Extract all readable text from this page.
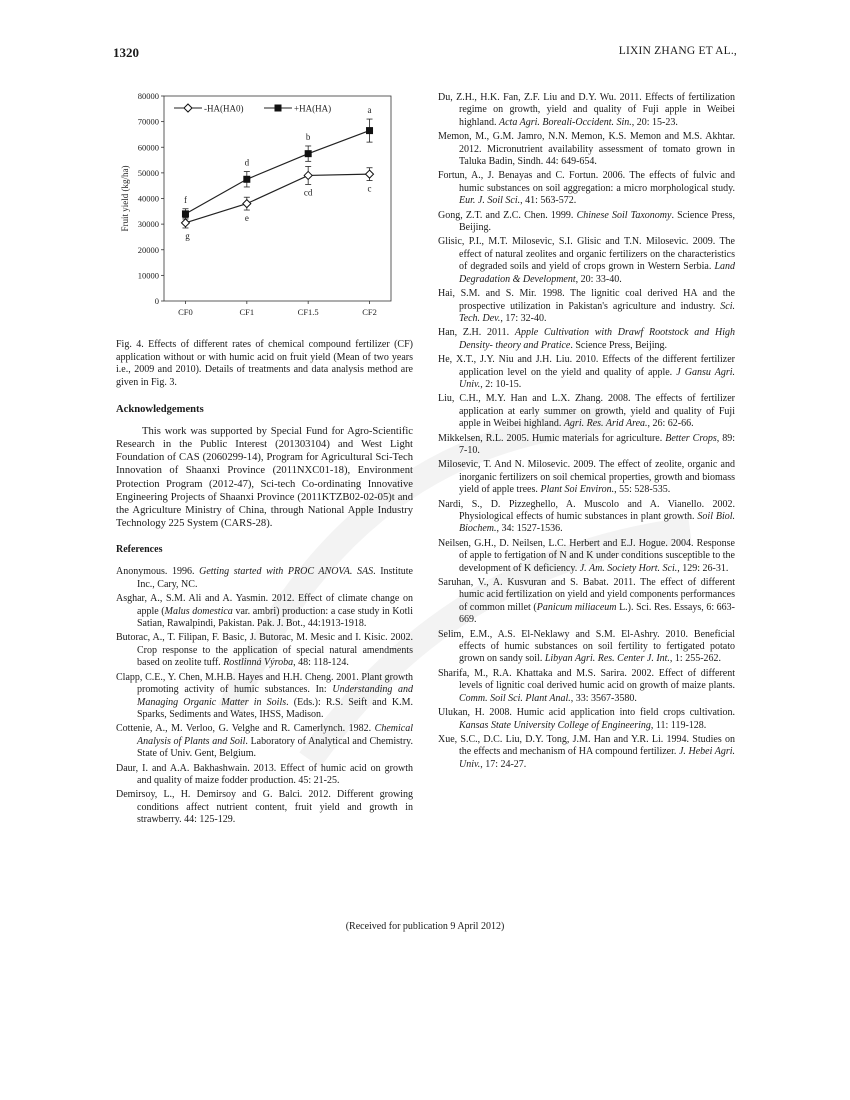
1320	LIXIN ZHANG ET AL.,
0
10000
20000
30000
40000
50000
60000
70000
80000
CF0	CF1	CF1.5	CF2
Fruit yield (kg/ha)
g
e
cd	c
f
d
b
a
-HA(HA0)	+HA(HA)
Fig. 4. Effects of different rates of chemical compound fertilizer (CF) application without or with humic acid on fruit yield (Mean of two years i.e., 2009 and 2010). Details of treatments and data analysis method are given in Fig. 3.
Acknowledgements
This work was supported by Special Fund for Agro-Scientific Research in the Public Interest (201303104) and West Light Foundation of CAS (2060299-14), Program for Agricultural Sci-Tech Innovation of Shaanxi Province (2011NXC01-18), Environment Protection Program (2012-47), Sci-tech Co-ordinating Innovative Engineering Projects of Shaanxi Province (2011KTZB02-02-05)t and the Agriculture Ministry of China, through National Apple Industry Technology 225 System (CARS-28).
References
Anonymous. 1996. Getting started with PROC ANOVA. SAS. Institute Inc., Cary, NC.
Asghar, A., S.M. Ali and A. Yasmin. 2012. Effect of climate change on apple (Malus domestica var. ambri) production: a case study in Kotli Satian, Rawalpindi, Pakistan. Pak. J. Bot., 44:1913-1918.
Butorac, A., T. Filipan, F. Basic, J. Butorac, M. Mesic and I. Kisic. 2002. Crop response to the application of special natural amendments based on zeolite tuff. Rostlinná Výroba, 48: 118-124.
Clapp, C.E., Y. Chen, M.H.B. Hayes and H.H. Cheng. 2001. Plant growth promoting activity of humic substances. In: Understanding and Managing Organic Matter in Soils. (Eds.): R.S. Seift and K.M. Sparks, Sediments and Wates, IHSS, Madison.
Cottenie, A., M. Verloo, G. Velghe and R. Camerlynch. 1982. Chemical Analysis of Plants and Soil. Laboratory of Analytical and Chemistry. State of Univ. Gent, Belgium.
Daur, I. and A.A. Bakhashwain. 2013. Effect of humic acid on growth and quality of maize fodder production. 45: 21-25.
Demirsoy, L., H. Demirsoy and G. Balci. 2012. Different growing conditions affect nutrient content, fruit yield and growth in strawberry. 44: 125-129.
Du, Z.H., H.K. Fan, Z.F. Liu and D.Y. Wu. 2011. Effects of fertilization regime on growth, yield and quality of Fuji apple in Weibei highland. Acta Agri. Boreali-Occident. Sin., 20: 15-23.
Memon, M., G.M. Jamro, N.N. Memon, K.S. Memon and M.S. Akhtar. 2012. Micronutrient availability assessment of tomato grown in Taluka Badin, Sindh. 44: 649-654.
Fortun, A., J. Benayas and C. Fortun. 2006. The effects of fulvic and humic substances on soil aggregation: a micro morphological study. Eur. J. Soil Sci., 41: 563-572.
Gong, Z.T. and Z.C. Chen. 1999. Chinese Soil Taxonomy. Science Press, Beijing.
Glisic, P.I., M.T. Milosevic, S.I. Glisic and T.N. Milosevic. 2009. The effect of natural zeolites and organic fertilizers on the characteristics of degraded soils and yield of crops grown in Western Serbia. Land Degradation & Development, 20: 33-40.
Hai, S.M. and S. Mir. 1998. The lignitic coal derived HA and the prospective utilization in Pakistan's agriculture and industry. Sci. Tech. Dev., 17: 32-40.
Han, Z.H. 2011. Apple Cultivation with Drawf Rootstock and High Density- theory and Pratice. Science Press, Beijing.
He, X.T., J.Y. Niu and J.H. Liu. 2010. Effects of the different fertilizer application level on the yield and quality of apple. J Gansu Agri. Univ., 2: 10-15.
Liu, C.H., M.Y. Han and L.X. Zhang. 2008. The effects of fertilizer application at early summer on growth, yield and quality of Fuji apple in Weibei highland. Agri. Res. Arid Area., 26: 62-66.
Mikkelsen, R.L. 2005. Humic materials for agriculture. Better Crops, 89: 7-10.
Milosevic, T. And N. Milosevic. 2009. The effect of zeolite, organic and inorganic fertilizers on soil chemical properties, growth and biomass yield of apple trees. Plant Soi Environ., 55: 528-535.
Nardi, S., D. Pizzeghello, A. Muscolo and A. Vianello. 2002. Physiological effects of humic substances in plant growth. Soil Biol. Biochem., 34: 1527-1536.
Neilsen, G.H., D. Neilsen, L.C. Herbert and E.J. Hogue. 2004. Response of apple to fertigation of N and K under conditions susceptible to the development of K deficiency. J. Am. Society Hort. Sci., 129: 26-31.
Saruhan, V., A. Kusvuran and S. Babat. 2011. The effect of different humic acid fertilization on yield and yield components performances of common millet (Panicum miliaceum L.). Sci. Res. Essays, 6: 663-669.
Selim, E.M., A.S. El-Neklawy and S.M. El-Ashry. 2010. Beneficial effects of humic substances on soil fertility to fertigated potato grown on sandy soil. Libyan Agri. Res. Center J. Int., 1: 255-262.
Sharifa, M., R.A. Khattaka and M.S. Sarira. 2002. Effect of different levels of lignitic coal derived humic acid on growth of maize plants. Comm. Soil Sci. Plant Anal., 33: 3567-3580.
Ulukan, H. 2008. Humic acid application into field crops cultivation. Kansas State University College of Engineering, 11: 119-128.
Xue, S.C., D.C. Liu, D.Y. Tong, J.M. Han and Y.R. Li. 1994. Studies on the effects and mechanism of HA compound fertilizer. J. Hebei Agri. Univ., 17: 24-27.
(Received for publication 9 April 2012)
